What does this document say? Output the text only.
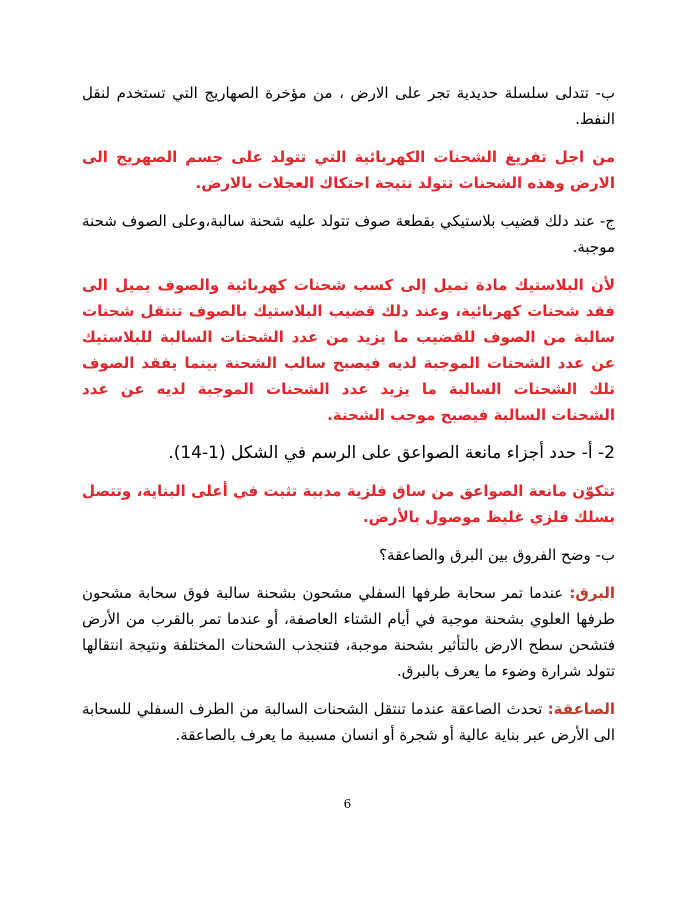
ب- تتدلى سلسلة حديدية تجر على الارض ، من مؤخرة الصهاريج التي تستخدم لنقل النفط.

من اجل تفريغ الشحنات الكهربائية التي تتولد على جسم الصهريج الى الارض وهذه الشحنات تتولد نتيجة احتكاك العجلات بالارض.

ج- عند دلك قضيب بلاستيكي بقطعة صوف تتولد عليه شحنة سالبة،وعلى الصوف شحنة موجبة.

لأن البلاستيك مادة تميل إلى كسب شحنات كهربائية والصوف يميل الى فقد شحنات كهربائية، وعند دلك قضيب البلاستيك بالصوف تنتقل شحنات سالبة من الصوف للقضيب ما يزيد من عدد الشحنات السالبة للبلاستيك عن عدد الشحنات الموجبة لديه فيصبح سالب الشحنة بينما يفقد الصوف تلك الشحنات السالبة ما يزيد عدد الشحنات الموجبة لديه عن عدد الشحنات السالبة فيصبح موجب الشحنة.

2- أ- حدد أجزاء مانعة الصواعق على الرسم في الشكل (1-14).

تتكوّن مانعة الصواعق من ساق فلزية مدببة تثبت في أعلى البناية، وتتصل بسلك فلزي غليظ موصول بالأرض.

ب- وضح الفروق بين البرق والصاعقة؟

البرق: عندما تمر سحابة طرفها السفلي مشحون بشحنة سالبة فوق سحابة مشحون طرفها العلوي بشحنة موجبة في أيام الشتاء العاصفة، أو عندما تمر بالقرب من الأرض فتشحن سطح الارض بالتأثير بشحنة موجبة، فتنجذب الشحنات المختلفة ونتيجة انتقالها تتولد شرارة وضوء ما يعرف بالبرق.

الصاعقة: تحدث الصاعقة عندما تنتقل الشحنات السالبة من الطرف السفلي للسحابة الى الأرض عبر بناية عالية أو شجرة أو انسان مسببة ما يعرف بالصاعقة.

6
